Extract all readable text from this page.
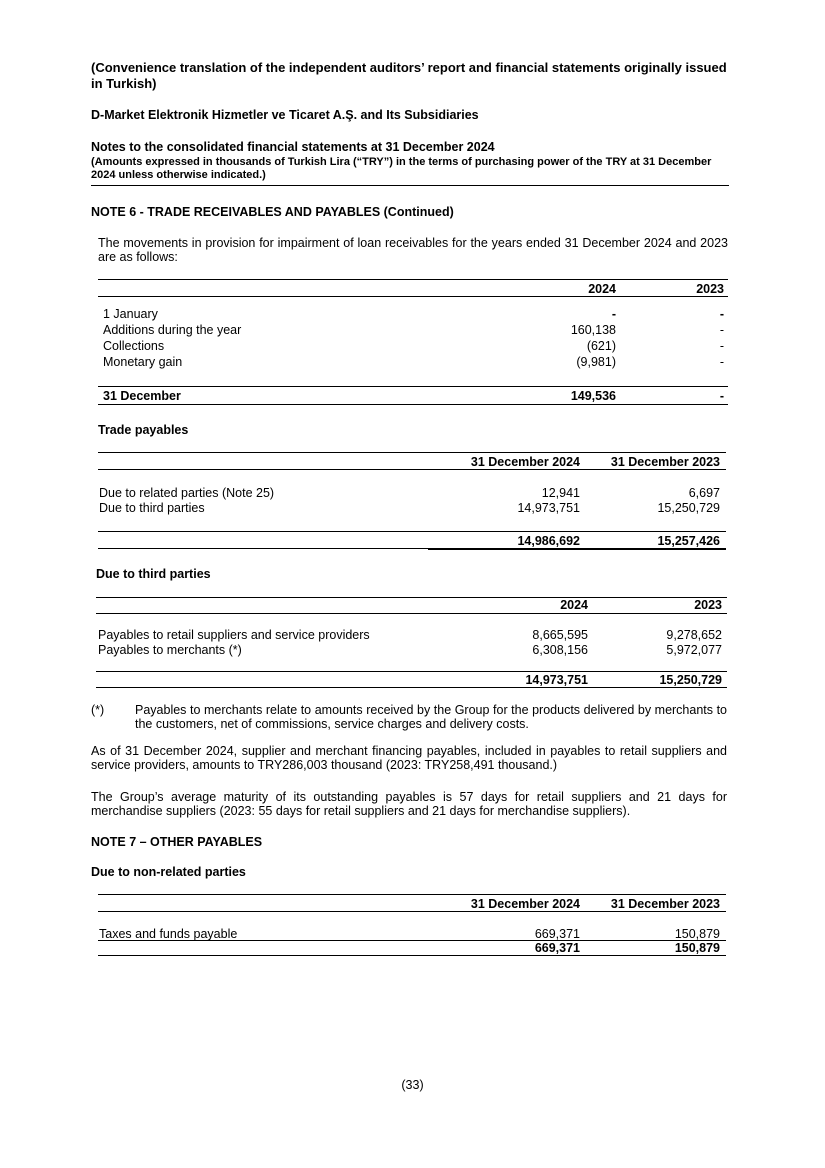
(Convenience translation of the independent auditors’ report and financial statements originally issued in Turkish)
D-Market Elektronik Hizmetler ve Ticaret A.Ş. and Its Subsidiaries
Notes to the consolidated financial statements at 31 December 2024
(Amounts expressed in thousands of Turkish Lira (“TRY”) in the terms of purchasing power of the TRY at 31 December 2024 unless otherwise indicated.)
NOTE 6 - TRADE RECEIVABLES AND PAYABLES (Continued)
The movements in provision for impairment of loan receivables for the years ended 31 December 2024 and 2023 are as follows:
2024	2023
1 January	-	-
Additions during the year	160,138	-
Collections	(621)	-
Monetary gain	(9,981)	-
31 December	149,536	-
Trade payables
31 December 2024	31 December 2023
Due to related parties (Note 25)	12,941	6,697
Due to third parties	14,973,751	15,250,729
14,986,692	15,257,426
Due to third parties
2024	2023
Payables to retail suppliers and service providers	8,665,595	9,278,652
Payables to merchants (*)	6,308,156	5,972,077
14,973,751	15,250,729
(*) Payables to merchants relate to amounts received by the Group for the products delivered by merchants to the customers, net of commissions, service charges and delivery costs.
As of 31 December 2024, supplier and merchant financing payables, included in payables to retail suppliers and service providers, amounts to TRY286,003 thousand (2023: TRY258,491 thousand.)
The Group’s average maturity of its outstanding payables is 57 days for retail suppliers and 21 days for merchandise suppliers (2023: 55 days for retail suppliers and 21 days for merchandise suppliers).
NOTE 7 – OTHER PAYABLES
Due to non-related parties
31 December 2024	31 December 2023
Taxes and funds payable	669,371	150,879
669,371	150,879
(33)
